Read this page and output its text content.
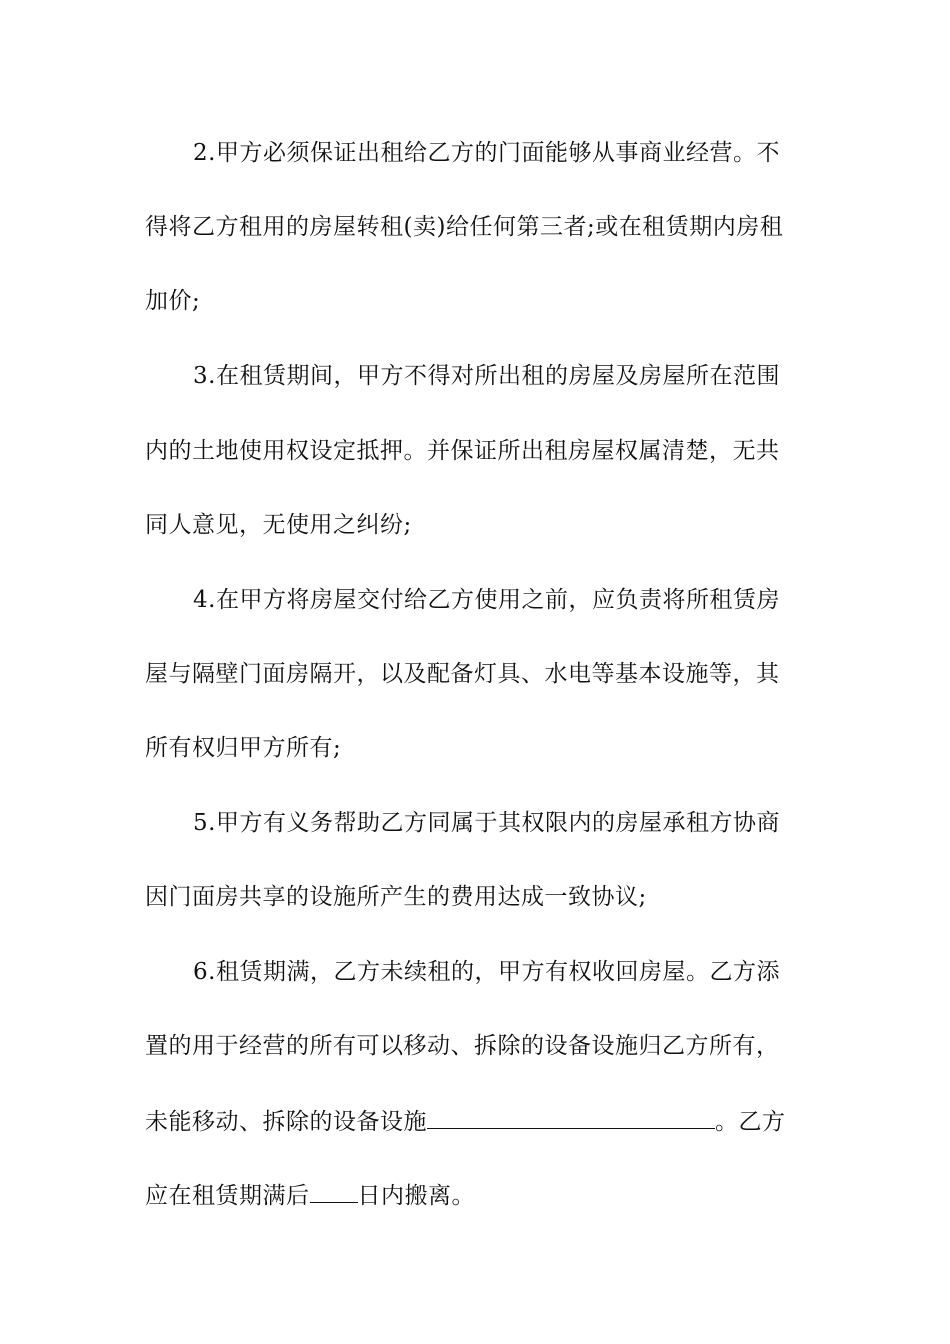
2.甲方必须保证出租给乙方的门面能够从事商业经营。不
得将乙方租用的房屋转租(卖)给任何第三者;或在租赁期内房租
加价;
3.在租赁期间，甲方不得对所出租的房屋及房屋所在范围
内的土地使用权设定抵押。并保证所出租房屋权属清楚，无共
同人意见，无使用之纠纷;
4.在甲方将房屋交付给乙方使用之前，应负责将所租赁房
屋与隔壁门面房隔开，以及配备灯具、水电等基本设施等，其
所有权归甲方所有;
5.甲方有义务帮助乙方同属于其权限内的房屋承租方协商
因门面房共享的设施所产生的费用达成一致协议;
6.租赁期满，乙方未续租的，甲方有权收回房屋。乙方添
置的用于经营的所有可以移动、拆除的设备设施归乙方所有，
未能移动、拆除的设备设施	。乙方
应在租赁期满后 日内搬离。
